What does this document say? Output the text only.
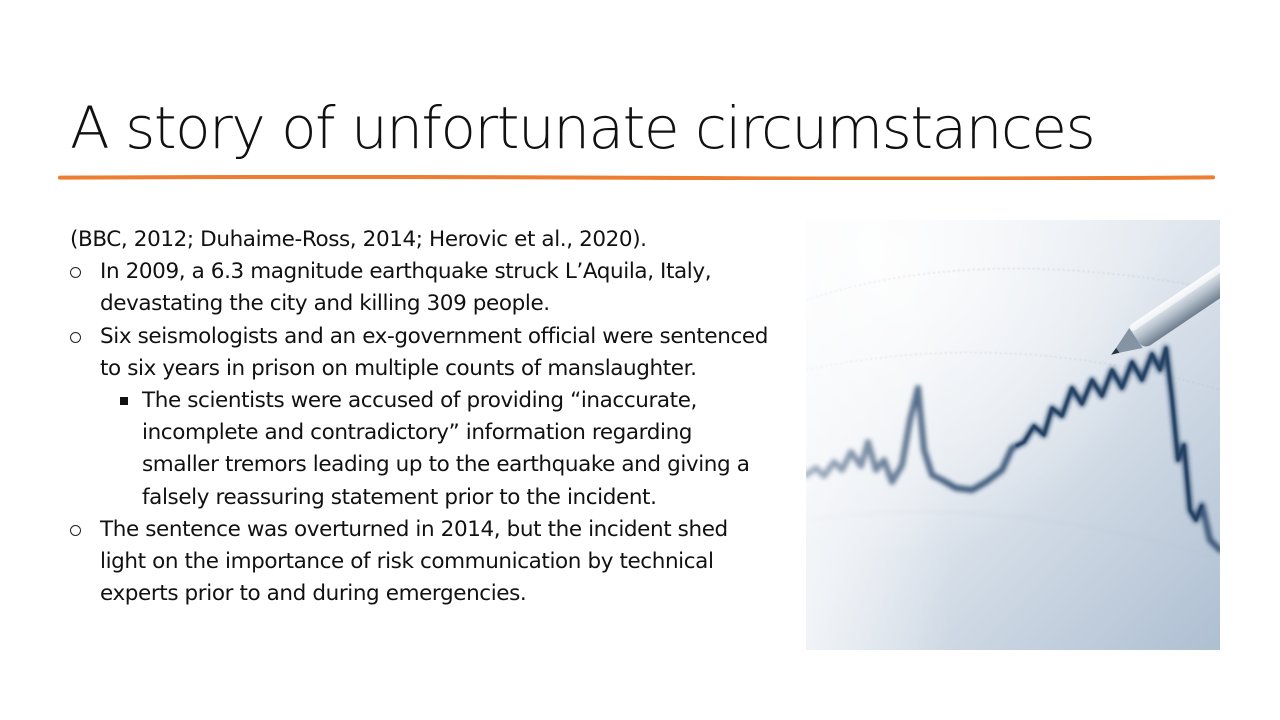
A story of unfortunate circumstances

(BBC, 2012; Duhaime-Ross, 2014; Herovic et al., 2020).

In 2009, a 6.3 magnitude earthquake struck L’Aquila, Italy, devastating the city and killing 309 people.
Six seismologists and an ex-government official were sentenced to six years in prison on multiple counts of manslaughter.
The scientists were accused of providing “inaccurate, incomplete and contradictory” information regarding smaller tremors leading up to the earthquake and giving a falsely reassuring statement prior to the incident.
The sentence was overturned in 2014, but the incident shed light on the importance of risk communication by technical experts prior to and during emergencies.
